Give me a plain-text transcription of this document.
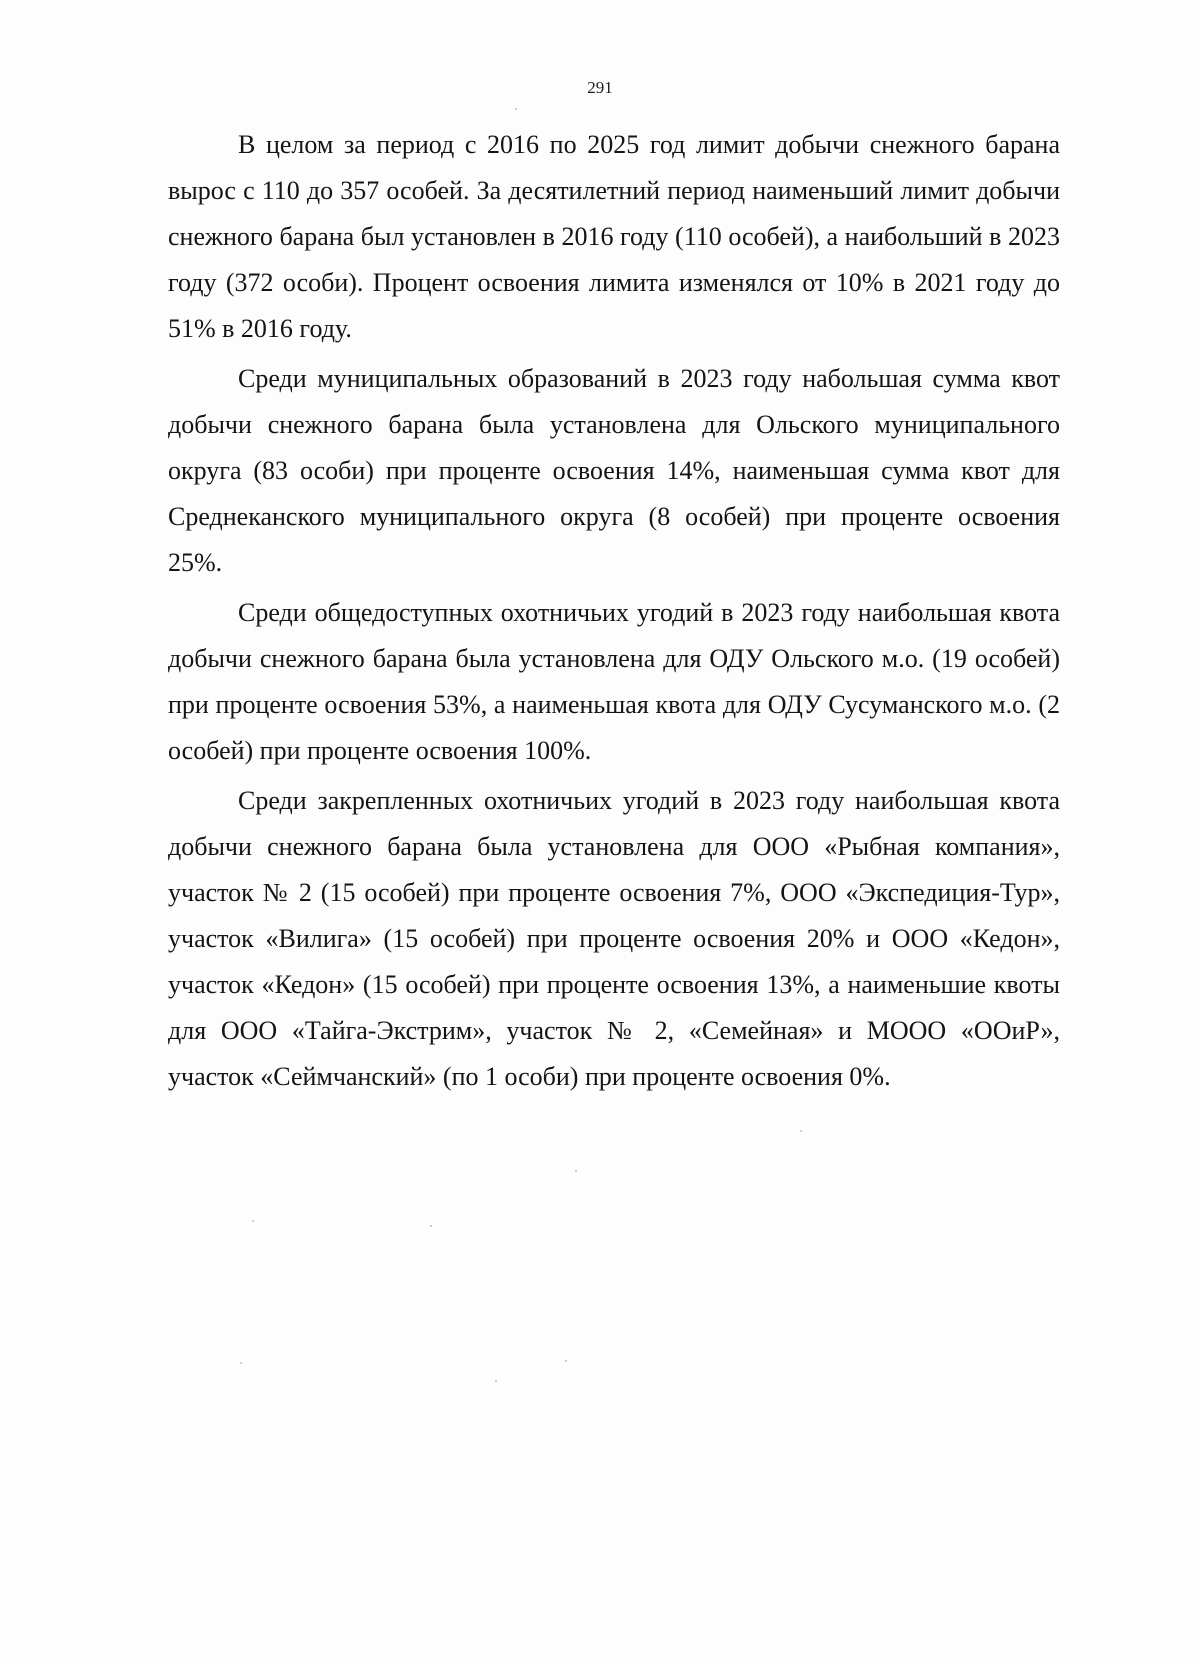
291

В целом за период с 2016 по 2025 год лимит добычи снежного барана вырос с 110 до 357 особей. За десятилетний период наименьший лимит добычи снежного барана был установлен в 2016 году (110 особей), а наибольший в 2023 году (372 особи). Процент освоения лимита изменялся от 10% в 2021 году до 51% в 2016 году.

Среди муниципальных образований в 2023 году набольшая сумма квот добычи снежного барана была установлена для Ольского муниципального округа (83 особи) при проценте освоения 14%, наименьшая сумма квот для Среднеканского муниципального округа (8 особей) при проценте освоения 25%.

Среди общедоступных охотничьих угодий в 2023 году наибольшая квота добычи снежного барана была установлена для ОДУ Ольского м.о. (19 особей) при проценте освоения 53%, а наименьшая квота для ОДУ Сусуманского м.о. (2 особей) при проценте освоения 100%.

Среди закрепленных охотничьих угодий в 2023 году наибольшая квота добычи снежного барана была установлена для ООО «Рыбная компания», участок № 2 (15 особей) при проценте освоения 7%, ООО «Экспедиция-Тур», участок «Вилига» (15 особей) при проценте освоения 20% и ООО «Кедон», участок «Кедон» (15 особей) при проценте освоения 13%, а наименьшие квоты для ООО «Тайга-Экстрим», участок № 2, «Семейная» и МООО «ООиР», участок «Сеймчанский» (по 1 особи) при проценте освоения 0%.
